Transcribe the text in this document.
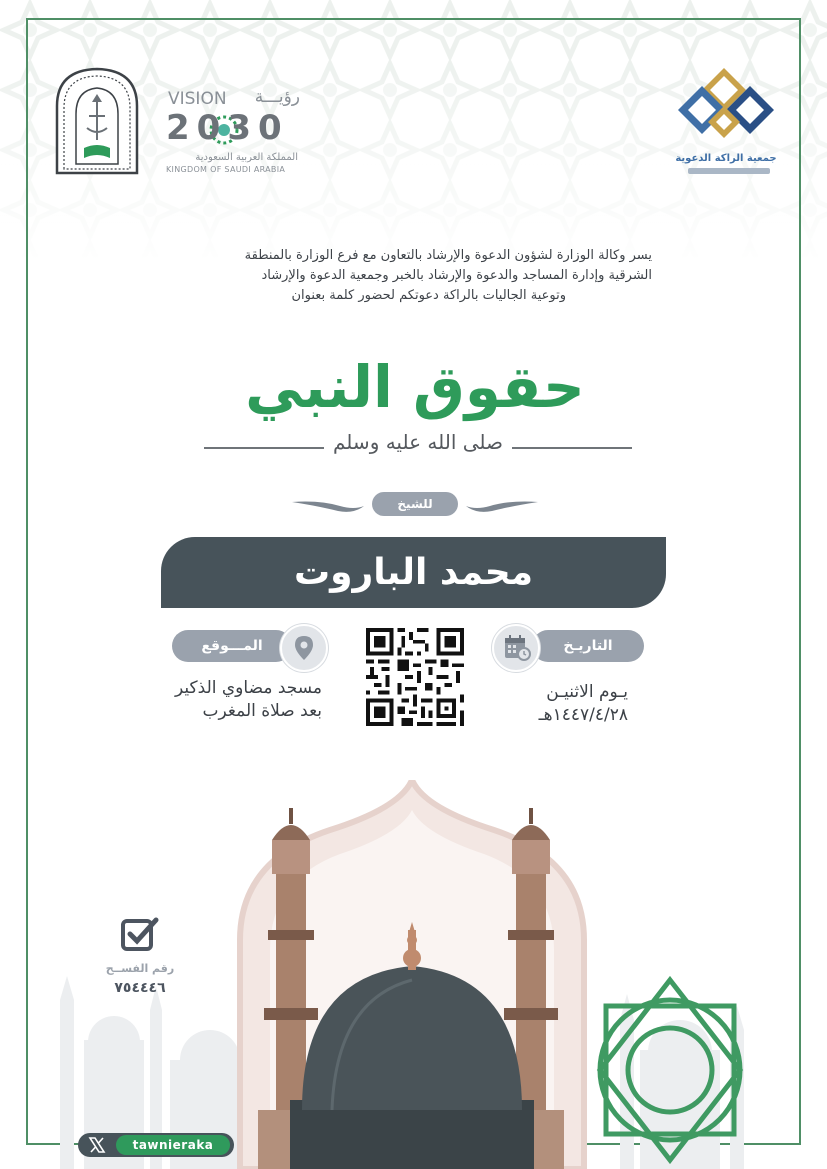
VISION	رؤيـــة
2030
المملكة العربية السعودية
KINGDOM OF SAUDI ARABIA
جمعية الراكة الدعوية
يسر وكالة الوزارة لشؤون الدعوة والإرشاد بالتعاون مع فرع الوزارة بالمنطقة
الشرقية وإدارة المساجد والدعوة والإرشاد بالخبر وجمعية الدعوة والإرشاد
وتوعية الجاليات بالراكة دعوتكم لحضور كلمة بعنوان
حقوق النبي
صلى الله عليه وسلم
للشيخ
محمد الباروت
المـــوقع
مسجد مضاوي الذكير
بعد صلاة المغرب
التاريـخ
يـوم الاثنيـن
١٤٤٧/٤/٢٨هـ
رقم الفســح
٧٥٤٤٤٦
tawnieraka
